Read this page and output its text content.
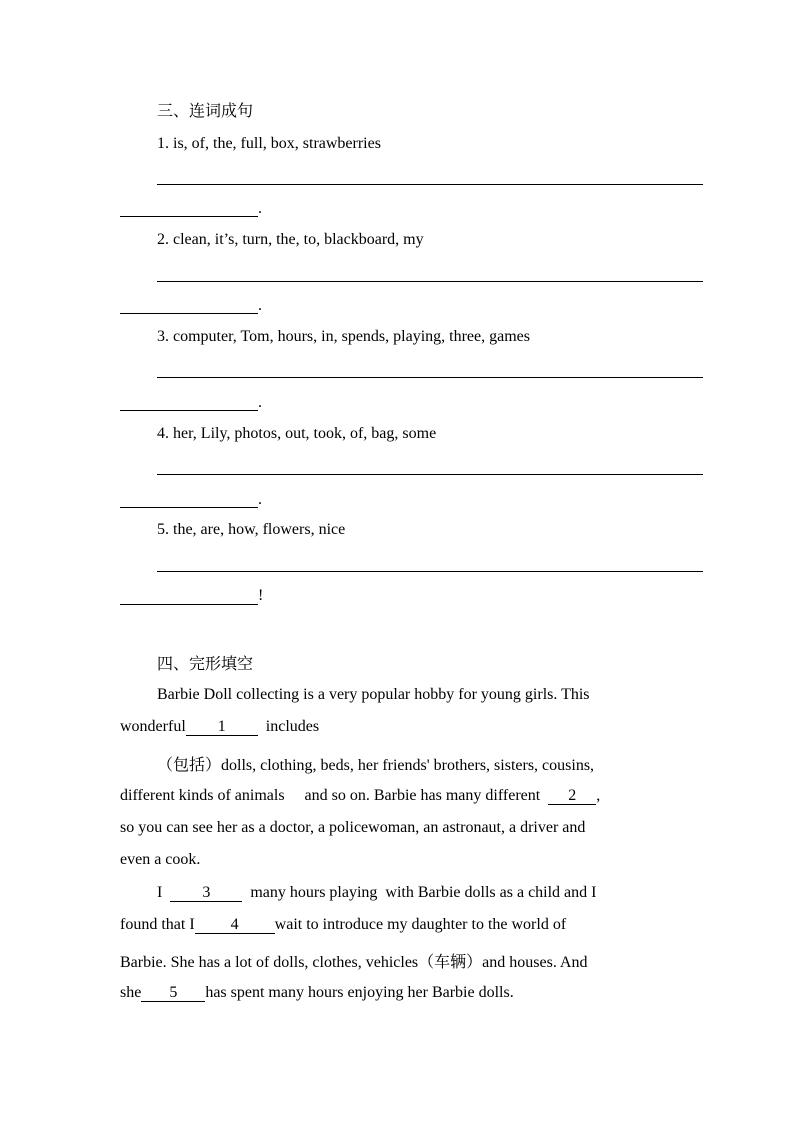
三、连词成句
1. is, of, the, full, box, strawberries
.
2. clean, it’s, turn, the, to, blackboard, my
.
3. computer, Tom, hours, in, spends, playing, three, games
.
4. her, Lily, photos, out, took, of, bag, some
.
5. the, are, how, flowers, nice
!
四、完形填空
Barbie Doll collecting is a very popular hobby for young girls. This
wonderful 1	includes
（包括）dolls, clothing, beds, her friends' brothers, sisters, cousins,
different kinds of animals     and so on. Barbie has many different 2 ,
so you can see her as a doctor, a policewoman, an astronaut, a driver and
even a cook.
I	3	many hours playing  with Barbie dolls as a child and I
found that I 4 wait to introduce my daughter to the world of
Barbie. She has a lot of dolls, clothes, vehicles（车辆）and houses. And
she 5 has spent many hours enjoying her Barbie dolls.
